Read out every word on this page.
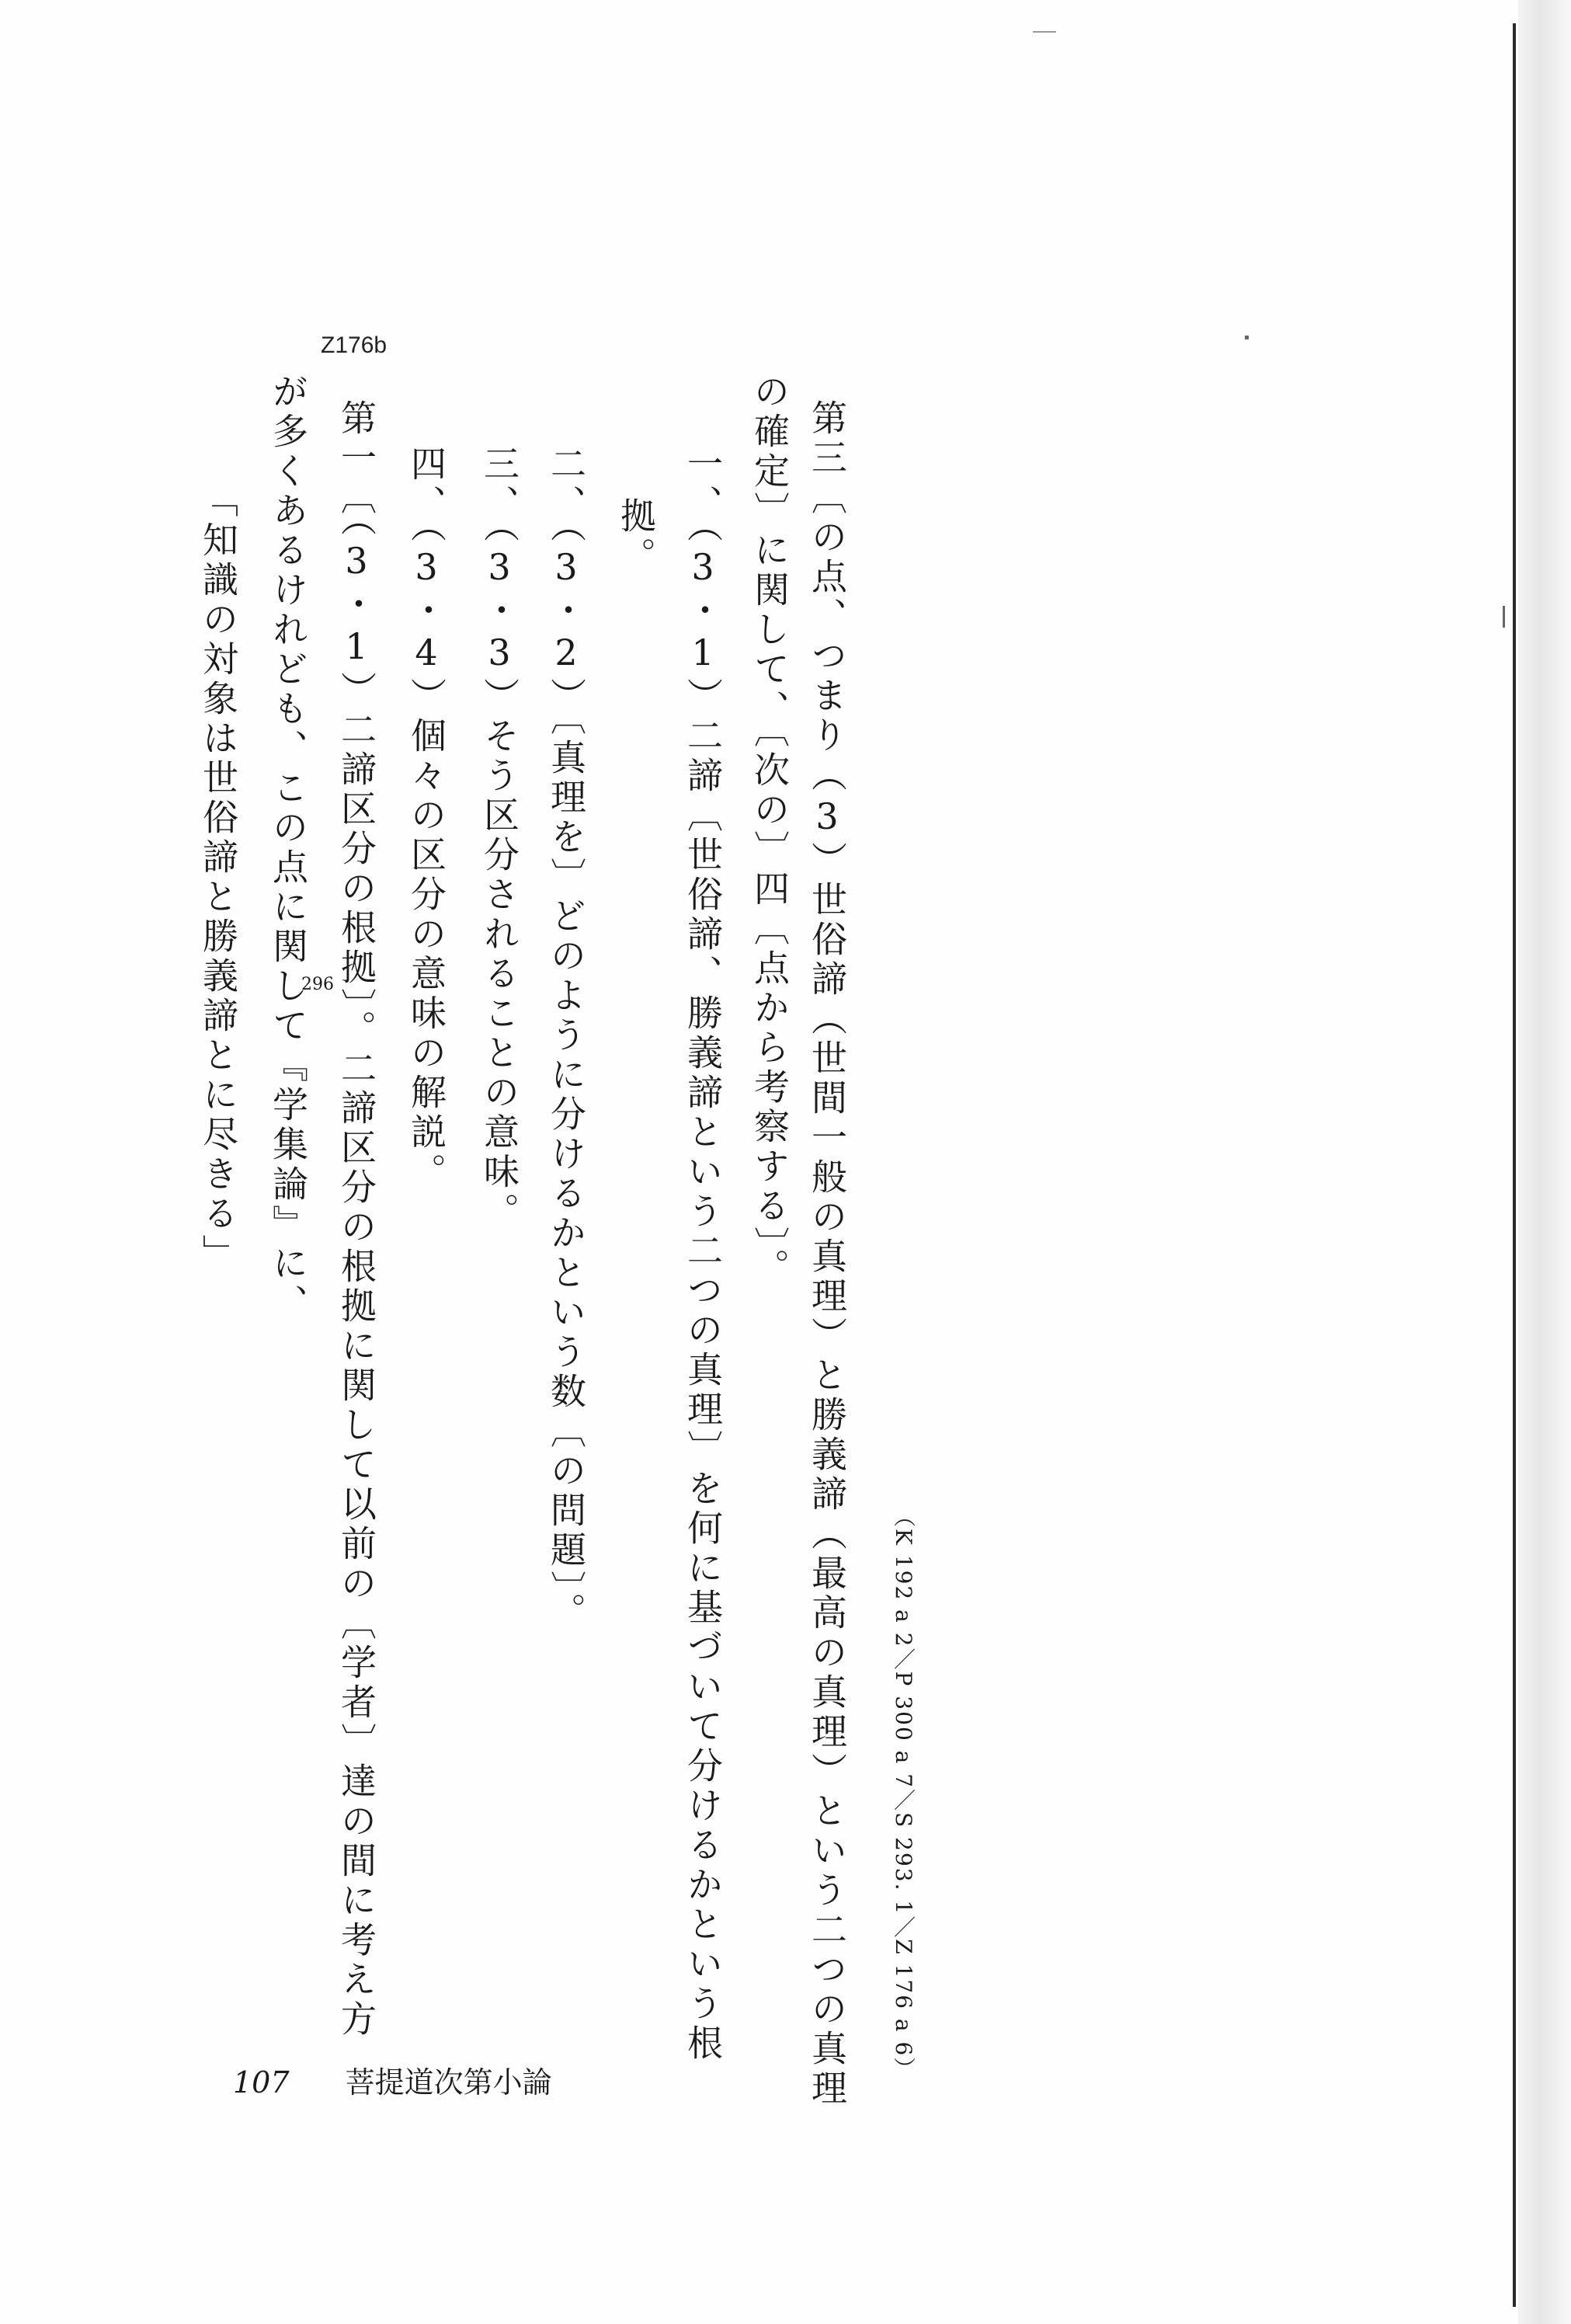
（K 192 a 2／P 300 a 7／S 293. 1／Z 176 a 6）
Z176b
第三〔の点、つまり（3）世俗諦（世間一般の真理）と勝義諦（最高の真理）という二つの真理
の確定〕に関して、〔次の〕四〔点から考察する〕。
一、（3・1）二諦〔世俗諦、勝義諦という二つの真理〕を何に基づいて分けるかという根
拠。
二、（3・2）〔真理を〕どのように分けるかという数〔の問題〕。
三、（3・3）そう区分されることの意味。
四、（3・4）個々の区分の意味の解説。
第一〔（3・1）二諦区分の根拠〕。二諦区分の根拠に関して以前の〔学者〕達の間に考え方
が多くあるけれども、この点に関して『学集論』に、
「知識の対象は世俗諦と勝義諦とに尽きる」	296
107 菩提道次第小論
